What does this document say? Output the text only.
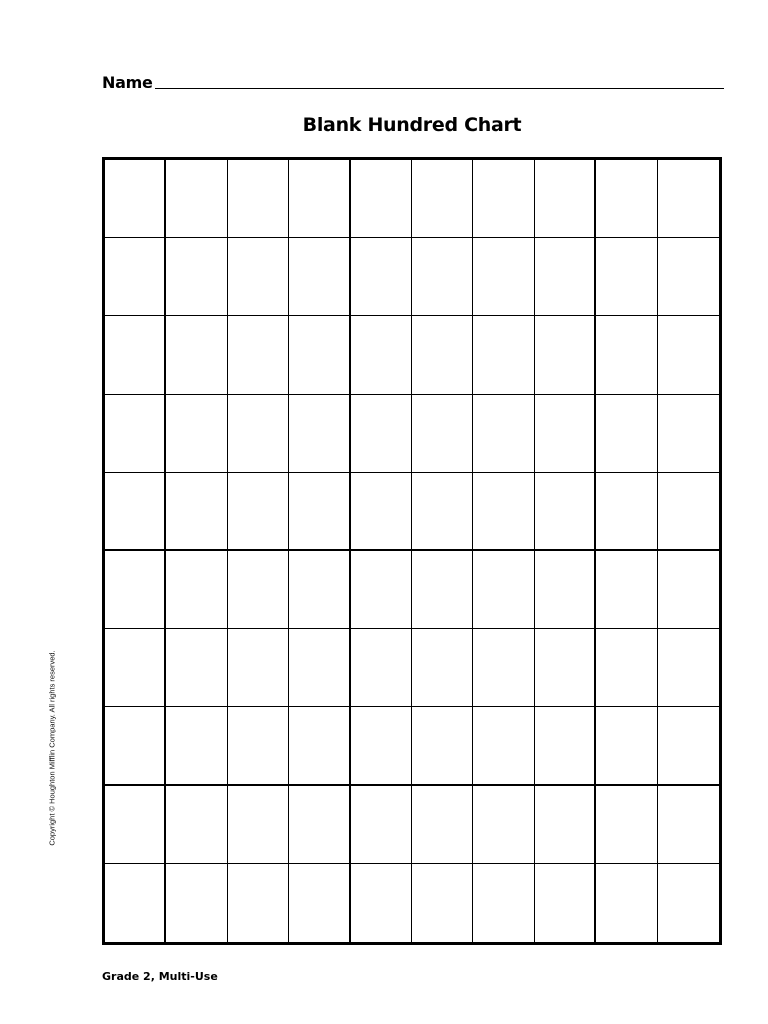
Name
Blank Hundred Chart
Copyright © Houghton Mifflin Company. All rights reserved.
Grade 2, Multi-Use
